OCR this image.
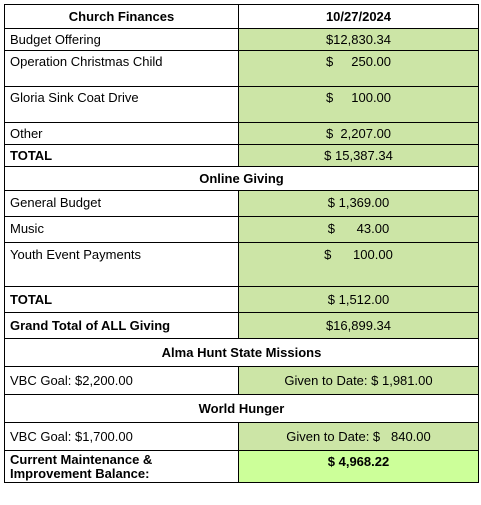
Church Finances	10/27/2024
Budget Offering	$12,830.34
Operation Christmas Child	$     250.00
Gloria Sink Coat Drive	$     100.00
Other	$  2,207.00
TOTAL	$ 15,387.34
Online Giving	
General Budget	$ 1,369.00
Music	$      43.00
Youth Event Payments	$      100.00
TOTAL	$ 1,512.00
Grand Total of ALL Giving	$16,899.34
Alma Hunt State Missions	
VBC Goal: $2,200.00	Given to Date: $ 1,981.00
World Hunger	
VBC Goal: $1,700.00	Given to Date: $   840.00
Current Maintenance & Improvement Balance:	$ 4,968.22
